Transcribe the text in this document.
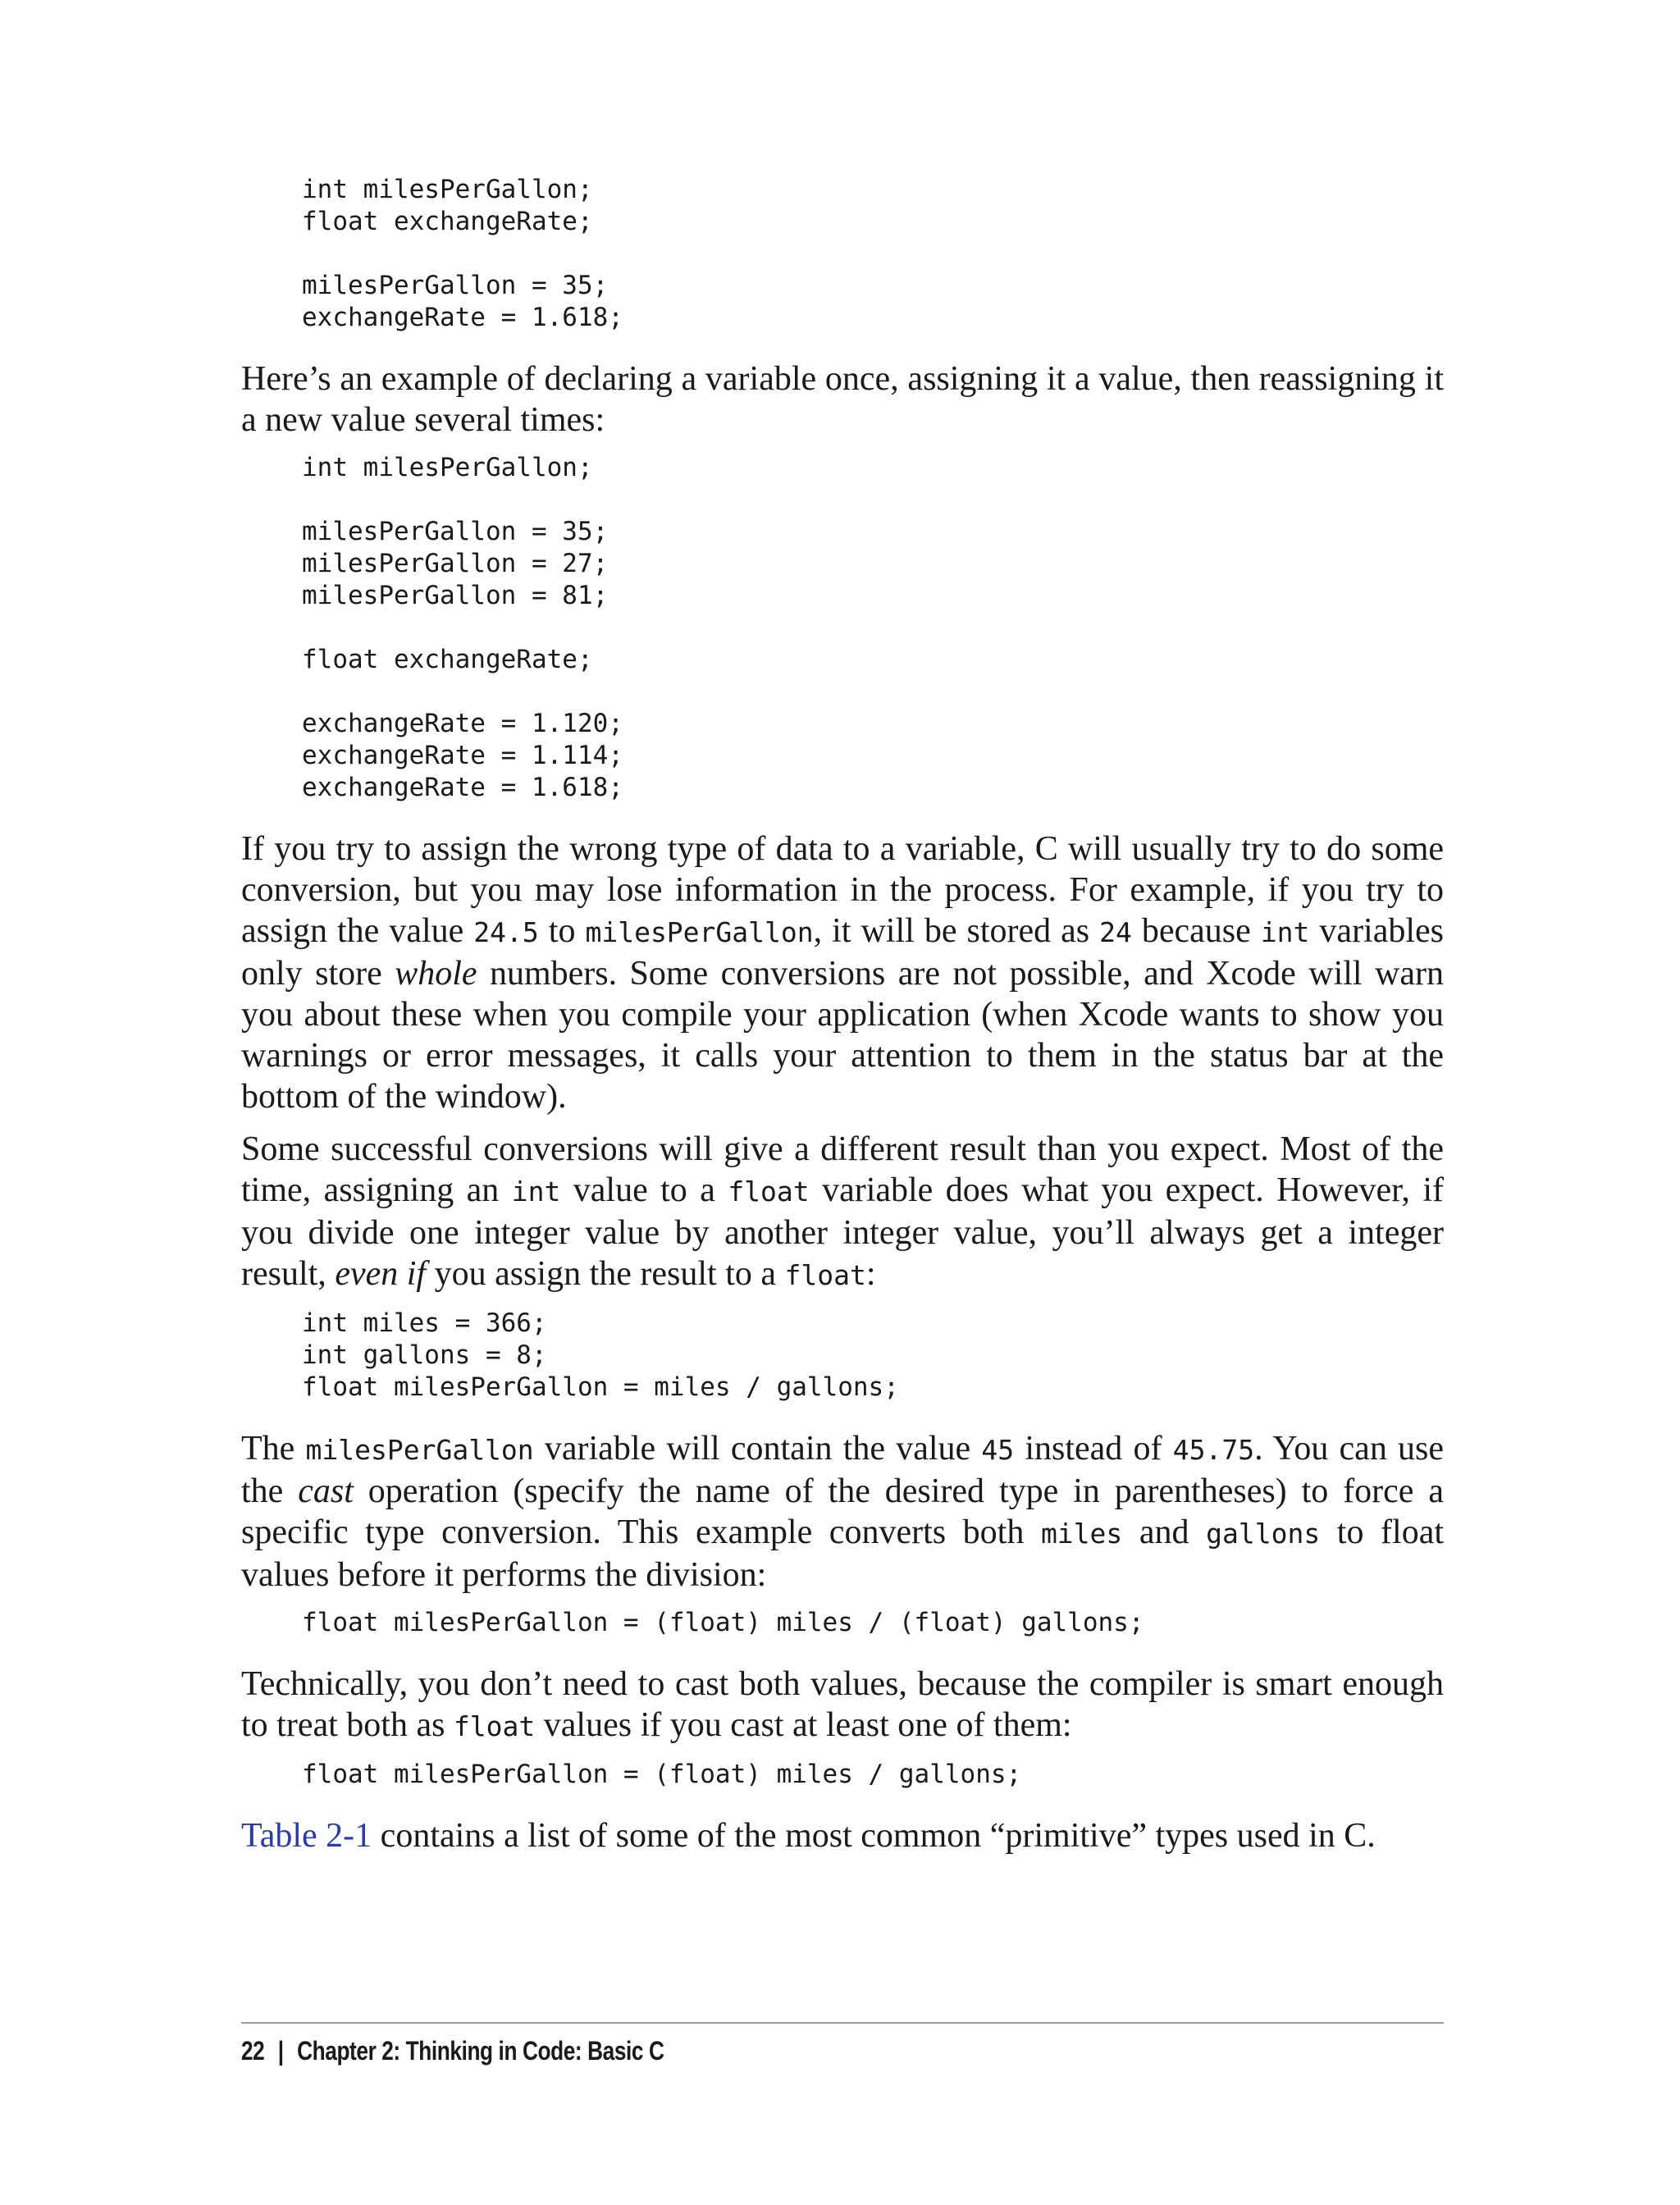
int milesPerGallon;
float exchangeRate;

milesPerGallon = 35;
exchangeRate = 1.618;

Here’s an example of declaring a variable once, assigning it a value, then reassigning it a new value several times:

int milesPerGallon;

milesPerGallon = 35;
milesPerGallon = 27;
milesPerGallon = 81;

float exchangeRate;

exchangeRate = 1.120;
exchangeRate = 1.114;
exchangeRate = 1.618;

If you try to assign the wrong type of data to a variable, C will usually try to do some conversion, but you may lose information in the process. For example, if you try to assign the value 24.5 to milesPerGallon, it will be stored as 24 because int variables only store whole numbers. Some conversions are not possible, and Xcode will warn you about these when you compile your application (when Xcode wants to show you warnings or error messages, it calls your attention to them in the status bar at the bottom of the window).

Some successful conversions will give a different result than you expect. Most of the time, assigning an int value to a float variable does what you expect. However, if you divide one integer value by another integer value, you’ll always get a integer result, even if you assign the result to a float:

int miles = 366;
int gallons = 8;
float milesPerGallon = miles / gallons;

The milesPerGallon variable will contain the value 45 instead of 45.75. You can use the cast operation (specify the name of the desired type in parentheses) to force a specific type conversion. This example converts both miles and gallons to float values before it performs the division:

float milesPerGallon = (float) miles / (float) gallons;

Technically, you don’t need to cast both values, because the compiler is smart enough to treat both as float values if you cast at least one of them:

float milesPerGallon = (float) miles / gallons;

Table 2-1 contains a list of some of the most common “primitive” types used in C.

22 | Chapter 2: Thinking in Code: Basic C
